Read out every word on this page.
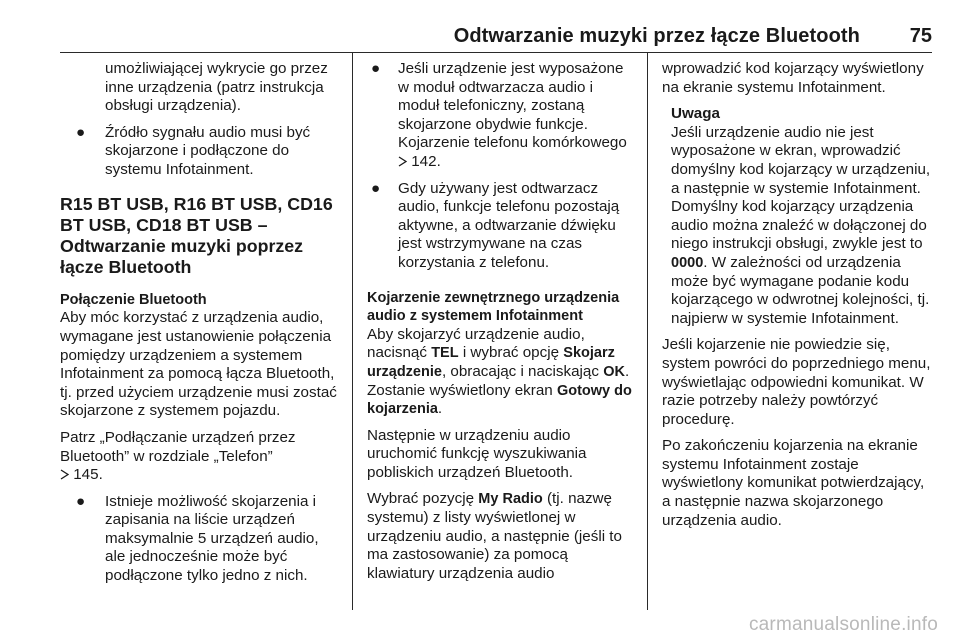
Odtwarzanie muzyki przez łącze Bluetooth 75

umożliwiającej wykrycie go przez inne urządzenia (patrz instrukcja obsługi urządzenia).

● Źródło sygnału audio musi być skojarzone i podłączone do systemu Infotainment.
R15 BT USB, R16 BT USB, CD16 BT USB, CD18 BT USB – Odtwarzanie muzyki poprzez łącze Bluetooth

Połączenie Bluetooth
Aby móc korzystać z urządzenia audio, wymagane jest ustanowienie połączenia pomiędzy urządzeniem a systemem Infotainment za pomocą łącza Bluetooth, tj. przed użyciem urządzenie musi zostać skojarzone z systemem pojazdu.

Patrz „Podłączanie urządzeń przez Bluetooth” w rozdziale „Telefon”
145.

● Istnieje możliwość skojarzenia i zapisania na liście urządzeń maksymalnie 5 urządzeń audio, ale jednocześnie może być podłączone tylko jedno z nich.
● Jeśli urządzenie jest wyposażone w moduł odtwarzacza audio i moduł telefoniczny, zostaną skojarzone obydwie funkcje. Kojarzenie telefonu komórkowego  142.
● Gdy używany jest odtwarzacz audio, funkcje telefonu pozostają aktywne, a odtwarzanie dźwięku jest wstrzymywane na czas korzystania z telefonu.

Kojarzenie zewnętrznego urządzenia audio z systemem Infotainment
Aby skojarzyć urządzenie audio, nacisnąć TEL i wybrać opcję Skojarz urządzenie, obracając i naciskając OK. Zostanie wyświetlony ekran Gotowy do kojarzenia.

Następnie w urządzeniu audio uruchomić funkcję wyszukiwania pobliskich urządzeń Bluetooth.

Wybrać pozycję My Radio (tj. nazwę systemu) z listy wyświetlonej w urządzeniu audio, a następnie (jeśli to ma zastosowanie) za pomocą klawiatury urządzenia audio

wprowadzić kod kojarzący wyświetlony na ekranie systemu Infotainment.

Uwaga
Jeśli urządzenie audio nie jest wyposażone w ekran, wprowadzić domyślny kod kojarzący w urządzeniu, a następnie w systemie Infotainment. Domyślny kod kojarzący urządzenia audio można znaleźć w dołączonej do niego instrukcji obsługi, zwykle jest to 0000. W zależności od urządzenia może być wymagane podanie kodu kojarzącego w odwrotnej kolejności, tj. najpierw w systemie Infotainment.

Jeśli kojarzenie nie powiedzie się, system powróci do poprzedniego menu, wyświetlając odpowiedni komunikat. W razie potrzeby należy powtórzyć procedurę.

Po zakończeniu kojarzenia na ekranie systemu Infotainment zostaje wyświetlony komunikat potwierdzający, a następnie nazwa skojarzonego urządzenia audio.

carmanualsonline.info
